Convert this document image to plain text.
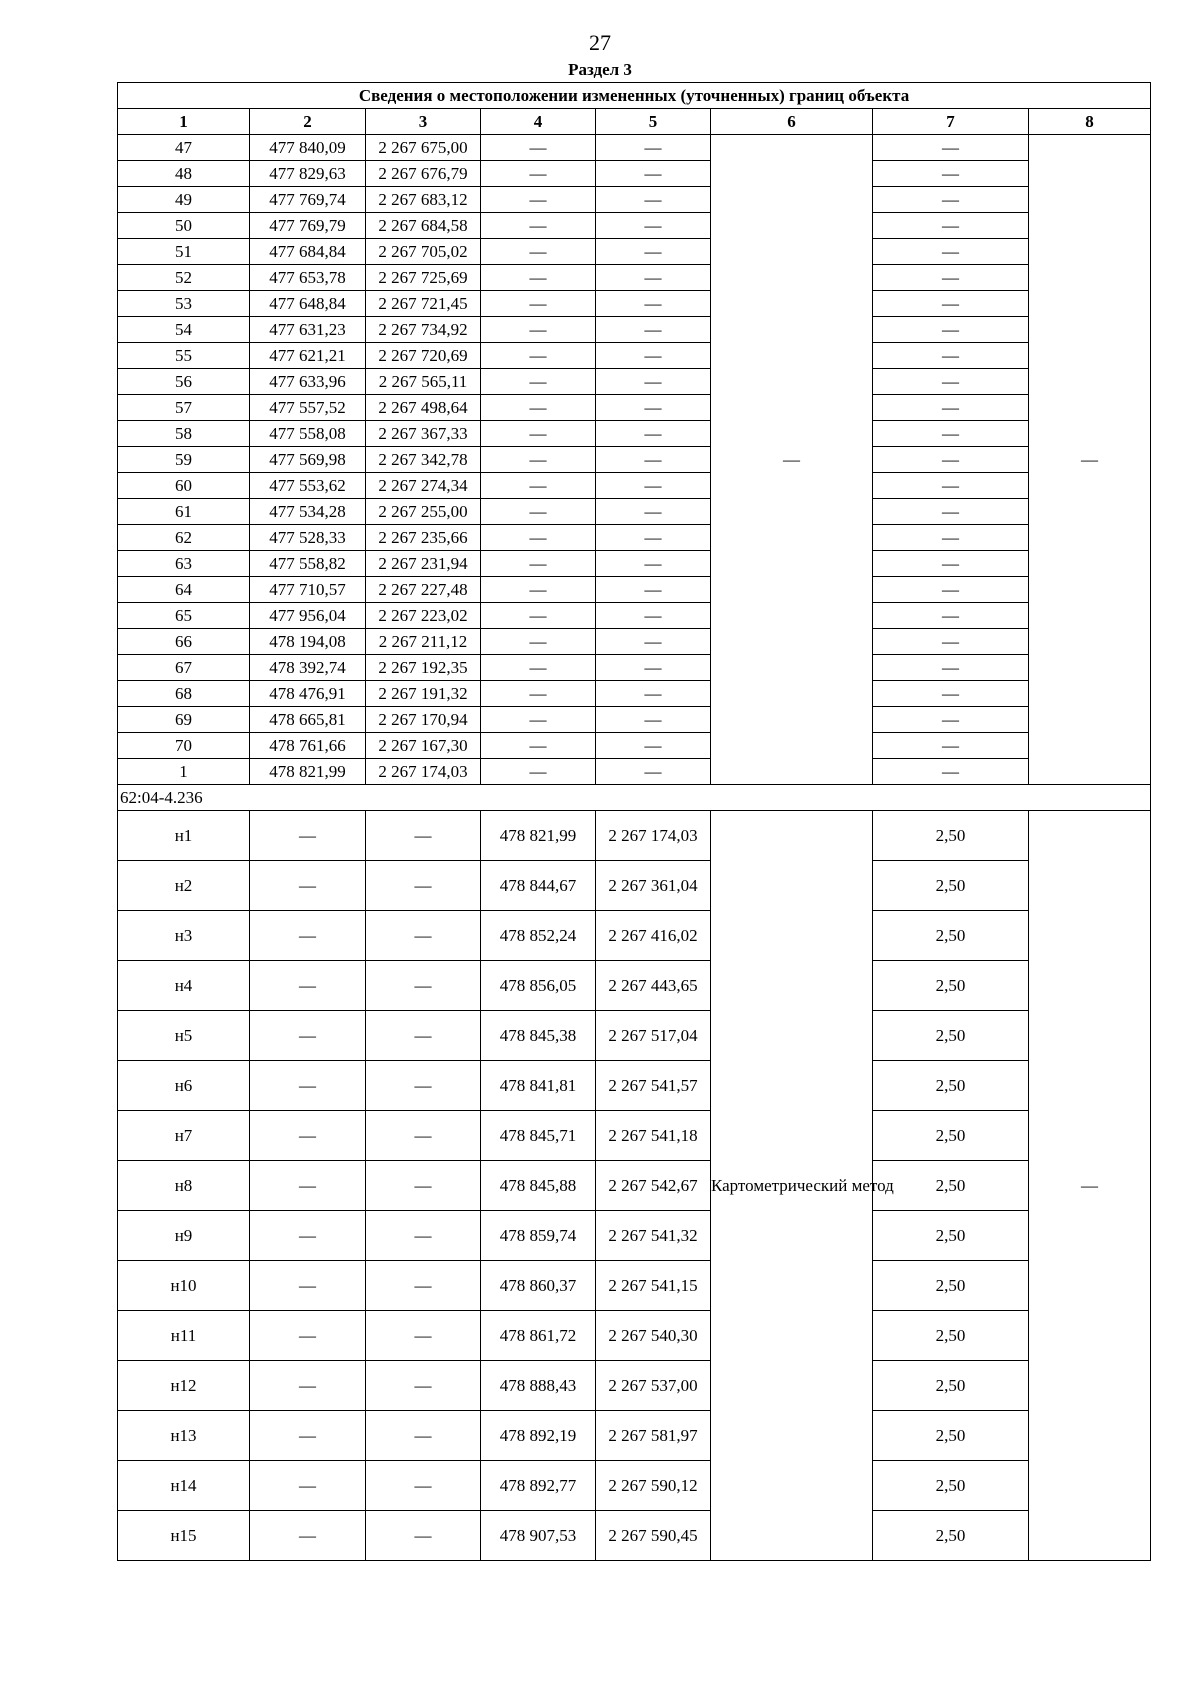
27
Раздел 3
Сведения о местоположении измененных (уточненных) границ объекта							
1	2	3	4	5	6	7	8
47	477 840,09	2 267 675,00	—	—	—	—	—
48	477 829,63	2 267 676,79	—	—		—	
49	477 769,74	2 267 683,12	—	—		—	
50	477 769,79	2 267 684,58	—	—		—	
51	477 684,84	2 267 705,02	—	—		—	
52	477 653,78	2 267 725,69	—	—		—	
53	477 648,84	2 267 721,45	—	—		—	
54	477 631,23	2 267 734,92	—	—		—	
55	477 621,21	2 267 720,69	—	—		—	
56	477 633,96	2 267 565,11	—	—		—	
57	477 557,52	2 267 498,64	—	—		—	
58	477 558,08	2 267 367,33	—	—		—	
59	477 569,98	2 267 342,78	—	—		—	
60	477 553,62	2 267 274,34	—	—		—	
61	477 534,28	2 267 255,00	—	—		—	
62	477 528,33	2 267 235,66	—	—		—	
63	477 558,82	2 267 231,94	—	—		—	
64	477 710,57	2 267 227,48	—	—		—	
65	477 956,04	2 267 223,02	—	—		—	
66	478 194,08	2 267 211,12	—	—		—	
67	478 392,74	2 267 192,35	—	—		—	
68	478 476,91	2 267 191,32	—	—		—	
69	478 665,81	2 267 170,94	—	—		—	
70	478 761,66	2 267 167,30	—	—		—	
1	478 821,99	2 267 174,03	—	—		—	
62:04-4.236							
н1	—	—	478 821,99	2 267 174,03	Картометрический метод	2,50	—
н2	—	—	478 844,67	2 267 361,04		2,50	
н3	—	—	478 852,24	2 267 416,02		2,50	
н4	—	—	478 856,05	2 267 443,65		2,50	
н5	—	—	478 845,38	2 267 517,04		2,50	
н6	—	—	478 841,81	2 267 541,57		2,50	
н7	—	—	478 845,71	2 267 541,18		2,50	
н8	—	—	478 845,88	2 267 542,67		2,50	
н9	—	—	478 859,74	2 267 541,32		2,50	
н10	—	—	478 860,37	2 267 541,15		2,50	
н11	—	—	478 861,72	2 267 540,30		2,50	
н12	—	—	478 888,43	2 267 537,00		2,50	
н13	—	—	478 892,19	2 267 581,97		2,50	
н14	—	—	478 892,77	2 267 590,12		2,50	
н15	—	—	478 907,53	2 267 590,45		2,50	
